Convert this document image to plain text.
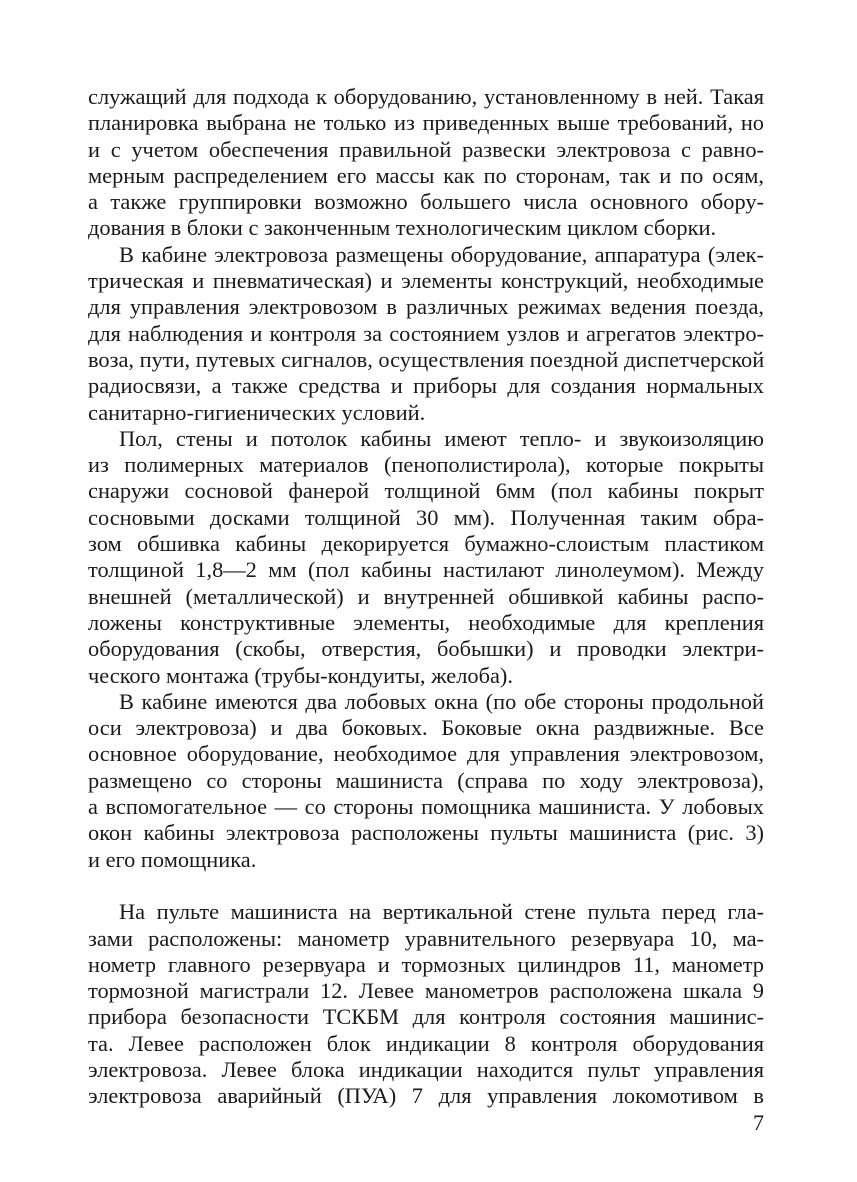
служащий для подхода к оборудованию, установленному в ней. Такая
планировка выбрана не только из приведенных выше требований, но
и с учетом обеспечения правильной развески электровоза с равно-
мерным распределением его массы как по сторонам, так и по осям,
а также группировки возможно большего числа основного обору-
дования в блоки с законченным технологическим циклом сборки.
В кабине электровоза размещены оборудование, аппаратура (элек-
трическая и пневматическая) и элементы конструкций, необходимые
для управления электровозом в различных режимах ведения поезда,
для наблюдения и контроля за состоянием узлов и агрегатов электро-
воза, пути, путевых сигналов, осуществления поездной диспетчерской
радиосвязи, а также средства и приборы для создания нормальных
санитарно-гигиенических условий.
Пол, стены и потолок кабины имеют тепло- и звукоизоляцию
из полимерных материалов (пенополистирола), которые покрыты
снаружи сосновой фанерой толщиной 6мм (пол кабины покрыт
сосновыми досками толщиной 30 мм). Полученная таким обра-
зом обшивка кабины декорируется бумажно-слоистым пластиком
толщиной 1,8—2 мм (пол кабины настилают линолеумом). Между
внешней (металлической) и внутренней обшивкой кабины распо-
ложены конструктивные элементы, необходимые для крепления
оборудования (скобы, отверстия, бобышки) и проводки электри-
ческого монтажа (трубы-кондуиты, желоба).
В кабине имеются два лобовых окна (по обе стороны продольной
оси электровоза) и два боковых. Боковые окна раздвижные. Все
основное оборудование, необходимое для управления электровозом,
размещено со стороны машиниста (справа по ходу электровоза),
а вспомогательное — со стороны помощника машиниста. У лобовых
окон кабины электровоза расположены пульты машиниста (рис. 3)
и его помощника.
На пульте машиниста на вертикальной стене пульта перед гла-
зами расположены: манометр уравнительного резервуара 10, ма-
нометр главного резервуара и тормозных цилиндров 11, манометр
тормозной магистрали 12. Левее манометров расположена шкала 9
прибора безопасности ТСКБМ для контроля состояния машинис-
та. Левее расположен блок индикации 8 контроля оборудования
электровоза. Левее блока индикации находится пульт управления
электровоза аварийный (ПУА) 7 для управления локомотивом в
7
